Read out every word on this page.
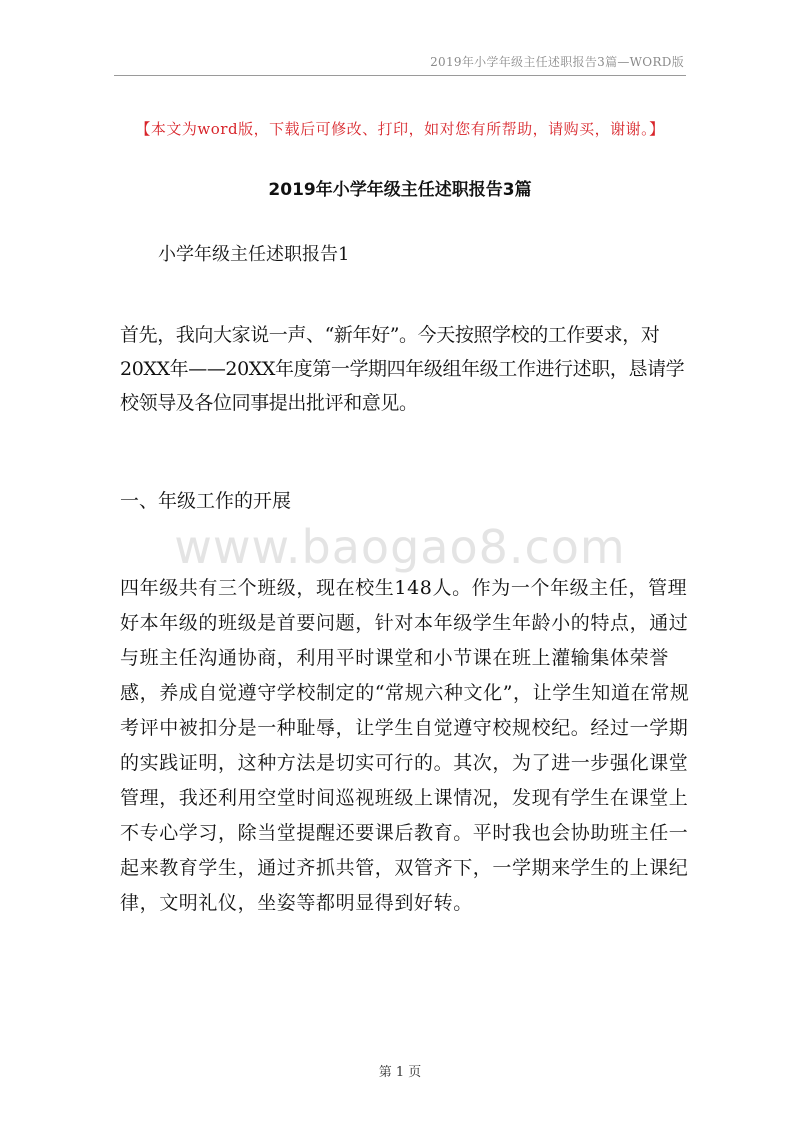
2019年小学年级主任述职报告3篇—WORD版
【本文为word版，下载后可修改、打印，如对您有所帮助，请购买，谢谢。】
2019年小学年级主任述职报告3篇
小学年级主任述职报告1

首先，我向大家说一声、“新年好”。今天按照学校的工作要求，对20XX年——20XX年度第一学期四年级组年级工作进行述职，恳请学校领导及各位同事提出批评和意见。

一、年级工作的开展
www.baogao8.com

四年级共有三个班级，现在校生148人。作为一个年级主任，管理好本年级的班级是首要问题，针对本年级学生年龄小的特点，通过与班主任沟通协商，利用平时课堂和小节课在班上灌输集体荣誉感，养成自觉遵守学校制定的“常规六种文化”，让学生知道在常规考评中被扣分是一种耻辱，让学生自觉遵守校规校纪。经过一学期的实践证明，这种方法是切实可行的。其次，为了进一步强化课堂管理，我还利用空堂时间巡视班级上课情况，发现有学生在课堂上不专心学习，除当堂提醒还要课后教育。平时我也会协助班主任一起来教育学生，通过齐抓共管，双管齐下，一学期来学生的上课纪律，文明礼仪，坐姿等都明显得到好转。

第 1 页
